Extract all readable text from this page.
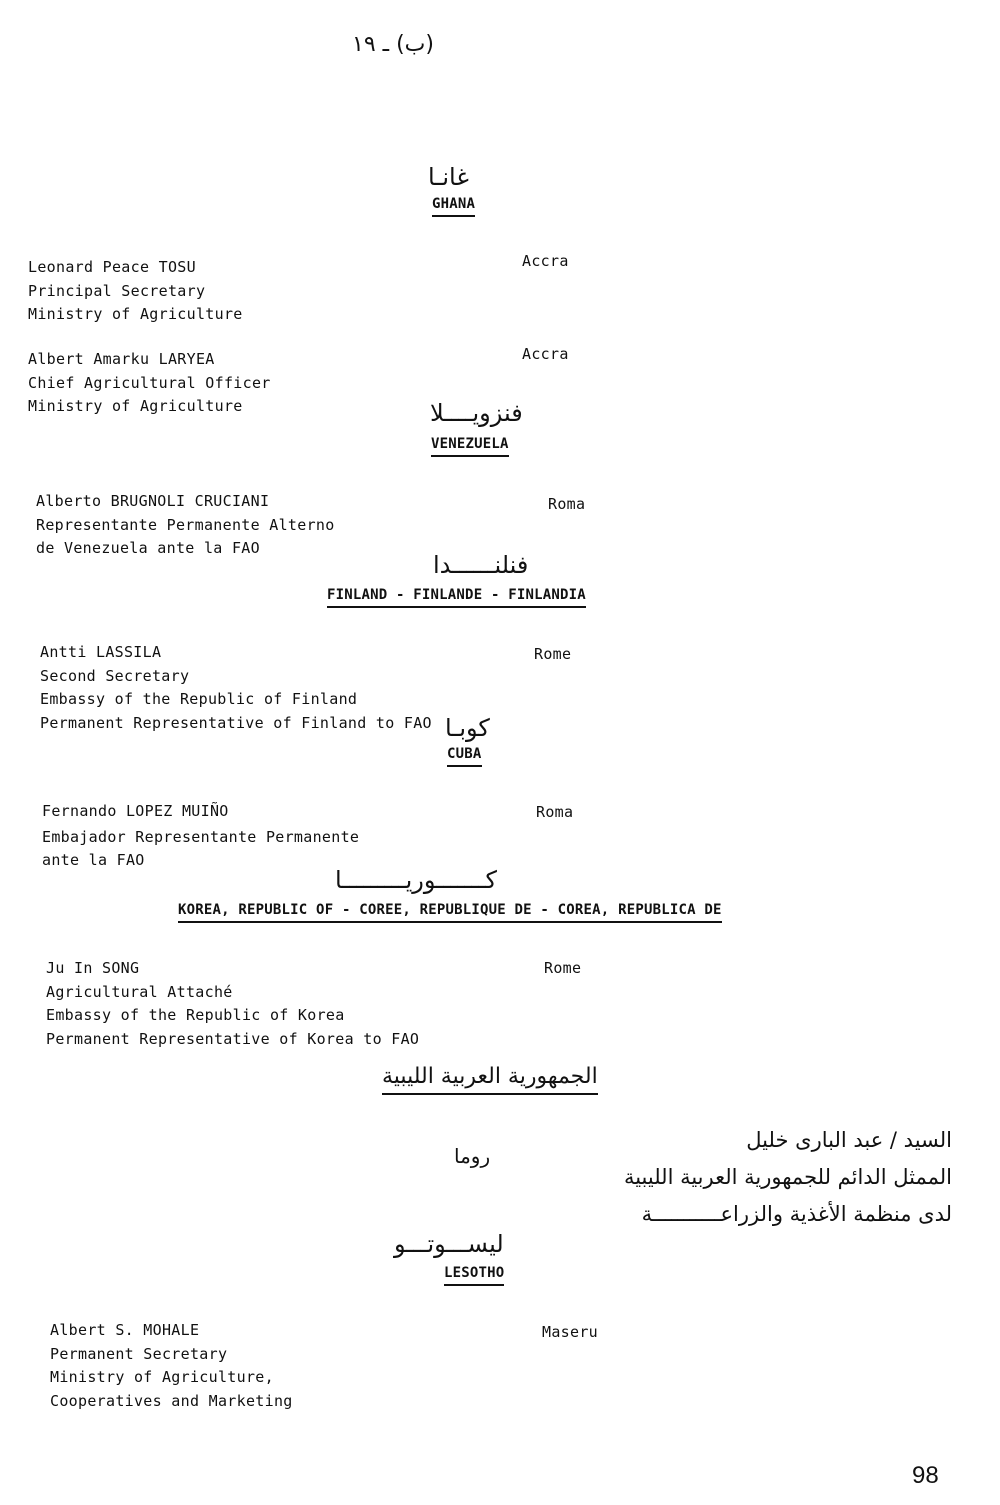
(ب) ـ ١٩
غانـا
GHANA
Leonard Peace TOSU
Principal Secretary
Ministry of Agriculture
Accra
Albert Amarku LARYEA
Chief Agricultural Officer
Ministry of Agriculture
Accra
فنزويــــلا
VENEZUELA
Alberto BRUGNOLI CRUCIANI
Representante Permanente Alterno
de Venezuela ante la FAO
Roma
فنلنــــــدا
FINLAND - FINLANDE - FINLANDIA
Antti LASSILA
Second Secretary
Embassy of the Republic of Finland
Permanent Representative of Finland to FAO
Rome
كوبـا
CUBA
Fernando LOPEZ MUIÑO
Embajador Representante Permanente
ante la FAO
Roma
كـــــــوريـــــــــا
KOREA, REPUBLIC OF - COREE, REPUBLIQUE DE - COREA, REPUBLICA DE
Ju In SONG
Agricultural Attaché
Embassy of the Republic of Korea
Permanent Representative of Korea to FAO
Rome
الجمهورية العربية الليبية
السيد / عبد البارى خليل
الممثل الدائم للجمهورية العربية الليبية
لدى منظمة الأغذية والزراعـــــــــــة
روما
ليســـوتـــو
LESOTHO
Albert S. MOHALE
Permanent Secretary
Ministry of Agriculture,
Cooperatives and Marketing
Maseru
98
